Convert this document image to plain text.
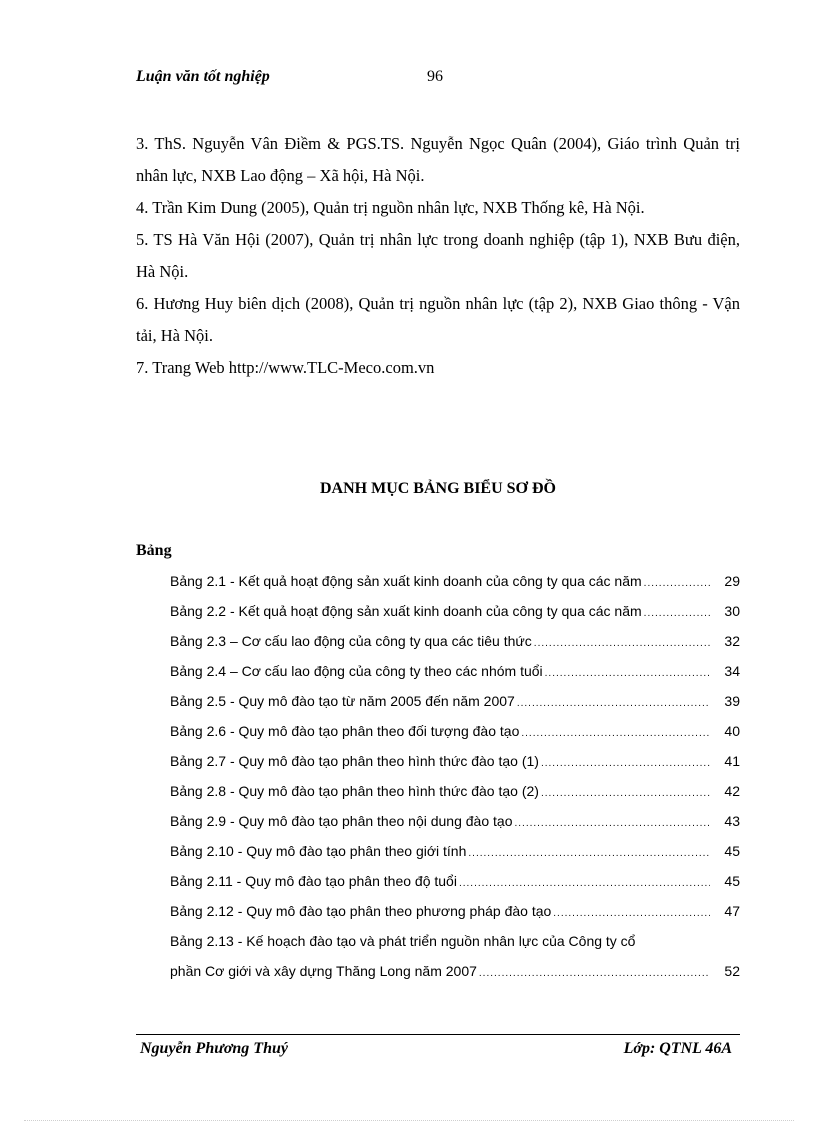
Luận văn tốt nghiệp	96

3. ThS. Nguyễn Vân Điềm & PGS.TS. Nguyễn Ngọc Quân (2004), Giáo trình Quản trị nhân lực, NXB Lao động – Xã hội, Hà Nội.

4. Trần Kim Dung (2005), Quản trị nguồn nhân lực, NXB Thống kê, Hà Nội.

5. TS Hà Văn Hội (2007), Quản trị nhân lực trong doanh nghiệp (tập 1), NXB Bưu điện, Hà Nội.

6. Hương Huy biên dịch (2008), Quản trị nguồn nhân lực (tập 2), NXB Giao thông - Vận tải, Hà Nội.

7. Trang Web http://www.TLC-Meco.com.vn

DANH MỤC BẢNG BIỂU SƠ ĐỒ
Bảng
Bảng 2.1 - Kết quả hoạt động sản xuất kinh doanh của công ty qua các năm .....	29
Bảng 2.2 - Kết quả hoạt động sản xuất kinh doanh của công ty qua các năm .....	30
Bảng 2.3 – Cơ cấu lao động của công ty qua các tiêu thức .....	32
Bảng 2.4 – Cơ cấu lao động của công ty theo các nhóm tuổi .....	34
Bảng 2.5 - Quy mô đào tạo từ năm 2005 đến năm 2007 .....	39
Bảng 2.6 - Quy mô đào tạo phân theo đối tượng đào tạo .....	40
Bảng 2.7 - Quy mô đào tạo phân theo hình thức đào tạo (1) .....	41
Bảng 2.8 - Quy mô đào tạo phân theo hình thức đào tạo (2) .....	42
Bảng 2.9 - Quy mô đào tạo phân theo nội dung đào tạo .....	43
Bảng 2.10 - Quy mô đào tạo phân theo giới tính .....	45
Bảng 2.11 - Quy mô đào tạo phân theo độ tuổi .....	45
Bảng 2.12 - Quy mô đào tạo phân theo phương pháp đào tạo .....	47
Bảng 2.13 - Kế hoạch đào tạo và phát triển nguồn nhân lực của Công ty cổ
phần Cơ giới và xây dựng Thăng Long năm 2007 .....	52
Nguyễn Phương Thuý	Lớp: QTNL 46A
